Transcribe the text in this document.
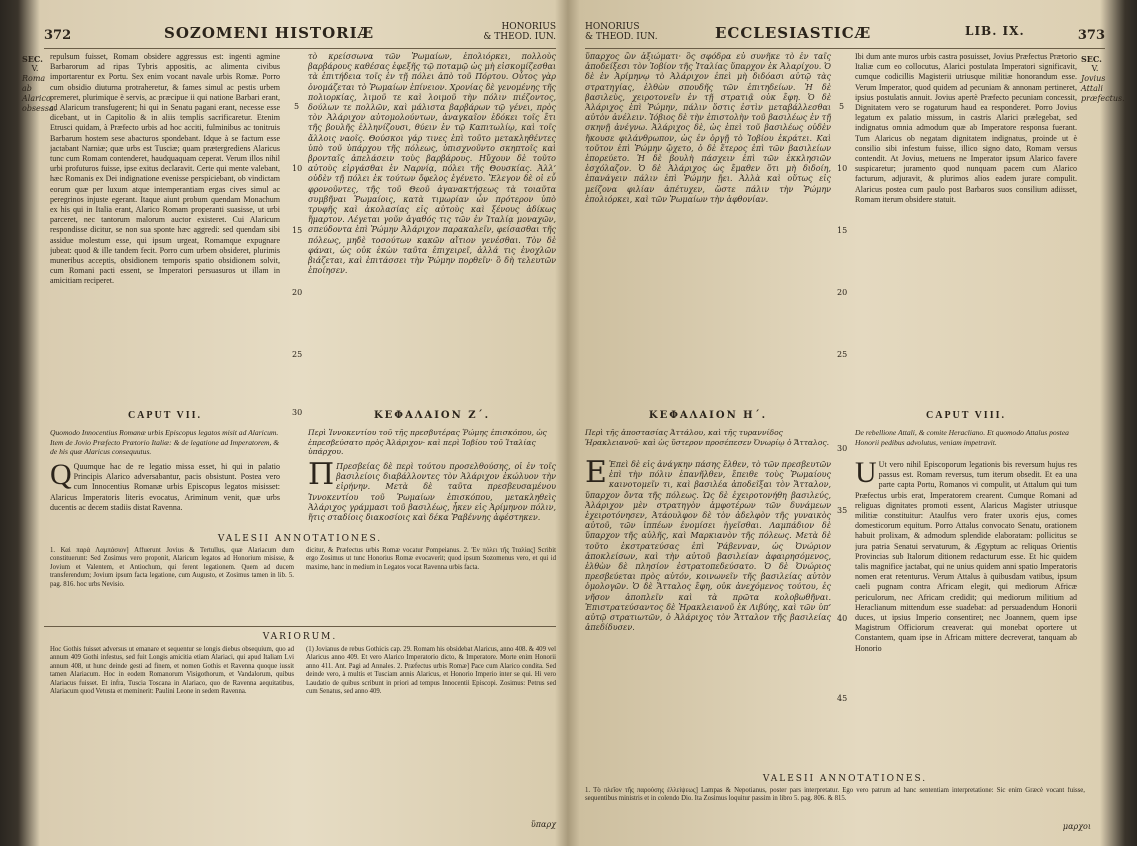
372	SOZOMENI HISTORIÆ	HONORIUS
& THEOD. IUN.
SEC.
V.
Roma ab
Alarico
obsessa.
repulsum fuisset, Romam obsidere aggressus est: ingenti agmine Barbarorum ad ripas Tybris appositis, ac alimenta civibus importarentur ex Portu. Sex enim vocant navale urbis Romæ. Porro cum obsidio diuturna protraheretur, & fames simul ac pestis urbem premeret, plurimique è servis, ac præcipue ii qui natione Barbari erant, ad Alaricum transfugerent; hi qui in Senatu pagani erant, necesse esse dicebant, ut in Capitolio & in aliis templis sacrificaretur. Etenim Etrusci quidam, à Præfecto urbis ad hoc acciti, fulminibus ac tonitruis Barbarum hostem sese abacturos spondebant. Idque à se factum esse jactabant Narniæ; quæ urbs est Tusciæ; quam prætergrediens Alaricus tunc cum Romam contenderet, haudquaquam ceperat. Verum illos nihil urbi profuturos fuisse, ipse exitus declaravit. Certe qui mente valebant, hæc Romanis ex Dei indignatione evenisse perspiciebant, ob vindictam eorum quæ per luxum atque intemperantiam ergas cives simul ac peregrinos injuste egerant. Itaque aiunt probum quendam Monachum ex his qui in Italia erant, Alarico Romam properanti suasisse, ut urbi parceret, nec tantorum malorum auctor existeret. Cui Alaricum respondisse dicitur, se non sua sponte hæc aggredi: sed quendam sibi assidue molestum esse, qui ipsum urgeat, Romamque expugnare jubeat: quod & ille tandem fecit. Porro cum urbem obsideret, plurimis muneribus acceptis, obsidionem temporis spatio obsidionem solvit, cum Romani pacti essent, se Imperatori persuasuros ut illam in amicitiam reciperet.
τὸ κρείσσωνα τῶν Ῥωμαίων, ἐπολιόρκει, πολλοὺς βαρβάρους καθέσας ἐφεξῆς τῷ ποταμῷ ὡς μὴ εἰσκομίζεσθαι τὰ ἐπιτήδεια τοῖς ἐν τῇ πόλει ἀπὸ τοῦ Πόρτου. Οὗτος γὰρ ὀνομάζεται τὸ Ῥωμαίων ἐπίνειον. Χρονίας δὲ γενομένης τῆς πολιορκίας, λιμοῦ τε καὶ λοιμοῦ τὴν πόλιν πιέζοντος, δούλων τε πολλῶν, καὶ μάλιστα βαρβάρων τῷ γένει, πρὸς τὸν Ἀλάριχον αὐτομολούντων, ἀναγκαῖον ἐδόκει τοῖς ἔτι τῆς βουλῆς ἑλληνίζουσι, θύειν ἐν τῷ Καπιτωλίῳ, καὶ τοῖς ἄλλοις ναοῖς. Θούσκοι γάρ τινες ἐπὶ τοῦτο μετακληθέντες ὑπὸ τοῦ ὑπάρχου τῆς πόλεως, ὑπισχνοῦντο σκηπτοῖς καὶ βρονταῖς ἀπελάσειν τοὺς βαρβάρους. Ηὔχουν δὲ τοῦτο αὐτοὺς εἰργάσθαι ἐν Ναρνίᾳ, πόλει τῆς Θουσκίας. Ἀλλ’ οὐδὲν τῇ πόλει ἐκ τούτων ὄφελος ἐγένετο. Ἔλεγον δὲ οἱ εὖ φρονοῦντες, τῆς τοῦ Θεοῦ ἀγανακτήσεως τὰ τοιαῦτα συμβῆναι Ῥωμαίοις, κατὰ τιμωρίαν ὧν πρότερον ὑπὸ τρυφῆς καὶ ἀκολασίας εἰς αὐτοὺς καὶ ξένους ἀδίκως ἥμαρτον. Λέγεται γοῦν ἀγαθός τις τῶν ἐν Ἰταλίᾳ μοναχῶν, σπεύδοντα ἐπὶ Ῥώμην Ἀλάριχον παρακαλεῖν, φείσασθαι τῆς πόλεως, μηδὲ τοσούτων κακῶν αἴτιον γενέσθαι. Τὸν δὲ φάναι, ὡς οὐκ ἐκὼν ταῦτα ἐπιχειρεῖ, ἀλλά τις ἐνοχλῶν βιάζεται, καὶ ἐπιτάσσει τὴν Ῥώμην πορθεῖν· ὃ δὴ τελευτῶν ἐποίησεν.
5
10
15
20
25
30
CAPUT VII.	ΚΕΦΑΛΑΙΟΝ Ζ΄.
Quomodo Innocentius Romanæ urbis Episcopus legatos misit ad Alaricum. Item de Jovio Præfecto Prætorio Italiæ: & de legatione ad Imperatorem, & de his quæ Alaricus consequutus.
Περὶ Ἰννοκεντίου τοῦ τῆς πρεσβυτέρας Ῥώμης ἐπισκόπου, ὡς ἐπρεσβεύσατο πρὸς Ἀλάριχον· καὶ περὶ Ἰοβίου τοῦ Ἰταλίας ὑπάρχου.
Q Quumque hac de re legatio missa esset, hi qui in palatio Principis Alarico adversabantur, pacis obsistunt. Postea vero cum Innocentius Romanæ urbis Episcopus legatos misisset: Alaricus Imperatoris literis evocatus, Ariminum venit, quæ urbs ducentis ac decem stadiis distat Ravenna.
Π Πρεσβείας δὲ περὶ τούτου προσελθούσης, οἱ ἐν τοῖς βασιλείοις διαβάλλοντες τὸν Ἀλάριχον ἐκώλυον τὴν εἰρήνην. Μετὰ δὲ ταῦτα πρεσβευσαμένου Ἰννοκεντίου τοῦ Ῥωμαίων ἐπισκόπου, μετακληθεὶς Ἀλάριχος γράμμασι τοῦ βασιλέως, ἧκεν εἰς Ἀρίμηνον πόλιν, ἥτις σταδίοις διακοσίοις καὶ δέκα Ῥαβέννης ἀφέστηκεν.
VALESII ANNOTATIONES.
1. Καὶ παρὰ Λαμπάσιον] Affuerunt Jovius & Tertullus, quæ Alariacum dum constituerunt: Sed Zosimus vero proponit, Alaricum legatos ad Honorium misisse, & Jovium et Valentem, et Antiochum, qui ferent legationem. Quem ad ducem transferendum; Jovium ipsum facta legatione, cum Augusto, et Zosimus tamen in lib. 5. pag. 816. hoc urbs Nevisio.
dicitur, & Præfectus urbis Romæ vocatur Pompeianus. 2. Ἐν πόλει τῆς Ἰταλίας] Scribit ergo Zosimus ut tunc Honorius Romæ evocaverit; quod ipsum Sozomenus vero, et qui id maxime, hanc in medium in Legatos vocat Ravenna urbis facta.
VARIORUM.
Hoc Gothis fuisset adversus ut emanare et sequentur se longis diebus obsequium, quo ad annum 409 Gothi infestus, sed fuit Longis amicitia etiam Alariaci, qui apud Italiam Lvi annum 408, ut hunc deinde gesti ad finem, et nomen Gothis et Ravenna quoque iussit tamen Alariacum. Hoc in eodem Romanorum Visigothorum, et Vandalorum, quibus Alariacus fuisset. Et infra, Tuscia Toscana in Alariaco, quo de Ravenna aequitatibus, Alariacum quod Vetusta et meminerit: Paulini Leone in sedem Ravenna.
(1) Jovianus de rebus Gothicis cap. 29. Romam his obsidebat Alaricus, anno 408. & 409 vel Alaricus anno 409. Et vero Alarico Imperatorio dicto, & Imperatore. Morte enim Honorii anno 411. Ant. Pagi ad Annales. 2. Præfectus urbis Romæ] Pace cum Alarico condita. Sed deinde vero, à multis et Tusciam annis Alaricus, et Honorio Imperio inter se qui. Hi vero Laudatio de quibus scribunt in priori ad tempus Innocentii Episcopi. Zosimus: Petrus sed cum Senatus, sed anno 409.
ὕπαρχ
HONORIUS
& THEOD. IUN.	ECCLESIASTICÆ	LIB. IX.	373
ὕπαρχος ὢν ἀξιώματι· ὃς σφόδρα εὖ συνῆκε τὸ ἐν ταῖς ἀποδείξεσι τὸν Ἰοβίον τῆς Ἰταλίας ὕπαρχον ἐκ Ἀλαρίχου. Ὁ δὲ ἐν Ἀρίμηνῳ τὸ Ἀλάριχον ἐπεὶ μὴ διδόασι αὐτῷ τὰς στρατηγίας, ἐλθὼν σπουδῆς τῶν ἐπιτηδείων. Ἡ δὲ βασιλεὺς, χειροτονεῖν ἐν τῇ στρατιᾷ οὐκ ἔφη. Ὁ δὲ Ἀλάριχος ἐπὶ Ῥώμην, πάλιν ὅστις ἐστὶν μεταβάλλεσθαι αὐτὸν ἀνέλειν. Ἰόβιος δὲ τὴν ἐπιστολὴν τοῦ βασιλέως ἐν τῇ σκηνῇ ἀνέγνω. Ἀλάριχος δὲ, ὡς ἐπεὶ τοῦ βασιλέως οὐδὲν ἤκουσε φιλάνθρωπον, ὡς ἐν ὀργῇ τὸ Ἰοβίου ἐκράτει. Καὶ τοῦτον ἐπὶ Ῥώμην ᾤχετο, ὁ δὲ ἕτερος ἐπὶ τῶν βασιλείων ἐπορεύετο. Ἡ δὲ βουλὴ πάσχειν ἐπὶ τῶν ἐκκλησιῶν ἐσχόλαζον. Ὁ δὲ Ἀλάριχος ὡς ἔμαθεν ὅτι μὴ διδοίη, ἐπανάγειν πάλιν ἐπὶ Ῥώμην ᾔει. Ἀλλὰ καὶ οὕτως εἰς μείζονα φιλίαν ἀπέτυχεν, ὥστε πάλιν τὴν Ῥώμην ἐπολιόρκει, καὶ τῶν Ῥωμαίων τὴν ἀφθονίαν.
Ibi dum ante muros urbis castra posuisset, Jovius Præfectus Prætorio Italiæ cum eo collocutus, Alarici postulata Imperatori significavit, cumque codicillis Magisterii utriusque militiæ honorandum esse. Verum Imperator, quod quidem ad pecuniam & annonam pertineret, ipsius postulatis annuit. Jovius apertè Præfecto pecuniam concessit, Dignitatem vero se rogaturum haud ea responderet. Porro Jovius legatum ex palatio missum, in castris Alarici prælegebat, sed indignatus omnia admodum quæ ab Imperatore responsa fuerant. Tum Alaricus ob negatam dignitatem indignatus, proinde ut è consilio sibi infestum fuisse, illico signo dato, Romam versus contendit. At Jovius, metuens ne Imperator ipsum Alarico favere suspicaretur; juramento quod nunquam pacem cum Alarico facturum, adjuravit, & plurimos alios eadem jurare compulit. Alaricus postea cum paulo post Barbaros suos consilium adiisset, Romam iterum obsidere statuit.
SEC.
V.
Jovius
Attali
præfectus.
5
10
15
20
25
30
35
40
45
ΚΕΦΑΛΑΙΟΝ Η΄.	CAPUT VIII.
Περὶ τῆς ἀποστασίας Ἀττάλου, καὶ τῆς τυραννίδος Ἡρακλειανοῦ· καὶ ὡς ὕστερον προσέπεσεν Ὀνωρίῳ ὁ Ἄτταλος.
De rebellione Attali, & comite Heracliano. Et quomodo Attalus postea Honorii pedibus advolutus, veniam impetravit.
Ε Ἐπεὶ δὲ εἰς ἀνάγκην πάσης ἔλθεν, τὸ τῶν πρεσβευτῶν ἐπὶ τὴν πόλιν ἐπανῆλθεν, ἔπειθε τοὺς Ῥωμαίους καινοτομεῖν τι, καὶ βασιλέα ἀποδεῖξαι τὸν Ἄτταλον, ὕπαρχον ὄντα τῆς πόλεως. Ὡς δὲ ἐχειροτονήθη βασιλεύς, Ἀλάριχον μὲν στρατηγὸν ἀμφοτέρων τῶν δυνάμεων ἐχειροτόνησεν, Ἀτάουλφον δὲ τὸν ἀδελφὸν τῆς γυναικὸς αὐτοῦ, τῶν ἱππέων ἐνομίσει ἡγεῖσθαι. Λαμπάδιον δὲ ὕπαρχον τῆς αὐλῆς, καὶ Μαρκιανὸν τῆς πόλεως. Μετὰ δὲ τοῦτο ἐκστρατεύσας ἐπὶ Ῥάβενναν, ὡς Ὀνώριον ἀποκλείσων, καὶ τὴν αὐτοῦ βασιλείαν ἀφαιρησόμενος, ἐλθὼν δὲ πλησίον ἐστρατοπεδεύσατο. Ὁ δὲ Ὀνώριος πρεσβεύεται πρὸς αὐτόν, κοινωνεῖν τῆς βασιλείας αὐτὸν ὁμολογῶν. Ὁ δὲ Ἄτταλος ἔφη, οὐκ ἀνεχόμενος τούτου, ἐς νῆσον ἀποπλεῖν καὶ τὰ πρῶτα κολοβωθῆναι. Ἐπιστρατεύσαντος δὲ Ἡρακλειανοῦ ἐκ Λιβύης, καὶ τῶν ὑπ’ αὐτῷ στρατιωτῶν, ὁ Ἀλάριχος τὸν Ἄτταλον τῆς βασιλείας ἀπεδίδυσεν.
U Ut vero nihil Episcoporum legationis bis reversum hujus res passus est. Romam reversus, tum iterum obsedit. Et ea una parte capta Portu, Romanos vi compulit, ut Attalum qui tum Præfectus urbis erat, Imperatorem crearent. Cumque Romani ad religuas dignitates promoti essent, Alaricus Magister utriusque militiæ constituitur: Ataulfus vero frater uxoris ejus, comes domesticorum equitum. Porro Attalus convocato Senatu, orationem habuit prolixam, & admodum splendide elaboratam: pollicitus se jura patria Senatui servaturum, & Ægyptum ac reliquas Orientis Provincias sub Italorum ditionem redacturum esse. Et hic quidem talis magnifice jactabat, qui ne unius quidem anni spatio Imperatoris nomen erat retenturus. Verum Attalus à quibusdam vatibus, ipsum caeli pugnam contra Africam elegit, qui mediorum Africæ periculorum, nec Africam credidit; qui mediorum militium ad Heraclianum mittendum esse suadebat: ad persuadendum Honorii duces, ut ipsius Imperio consentiret; nec Joannem, quem ipse Magistrum Officiorum creaverat: qui monebat oportere ut Constantem, quam ipse in Africam mittere decreverat, tanquam ab Honorio
VALESII ANNOTATIONES.
1. Τὸ πλεῖον τῆς παρούσης ἐλλείψεως] Lampas & Nepotianus, poster pars interpretatur. Ego vero patrum ad hanc sententiam interpretatione: Sic enim Græcè vocant fuisse, sequentibus ministris et in colendo Dio. Ita Zosimus loquitur passim in libro 5. pag. 806. & 815.
μαρχοι
